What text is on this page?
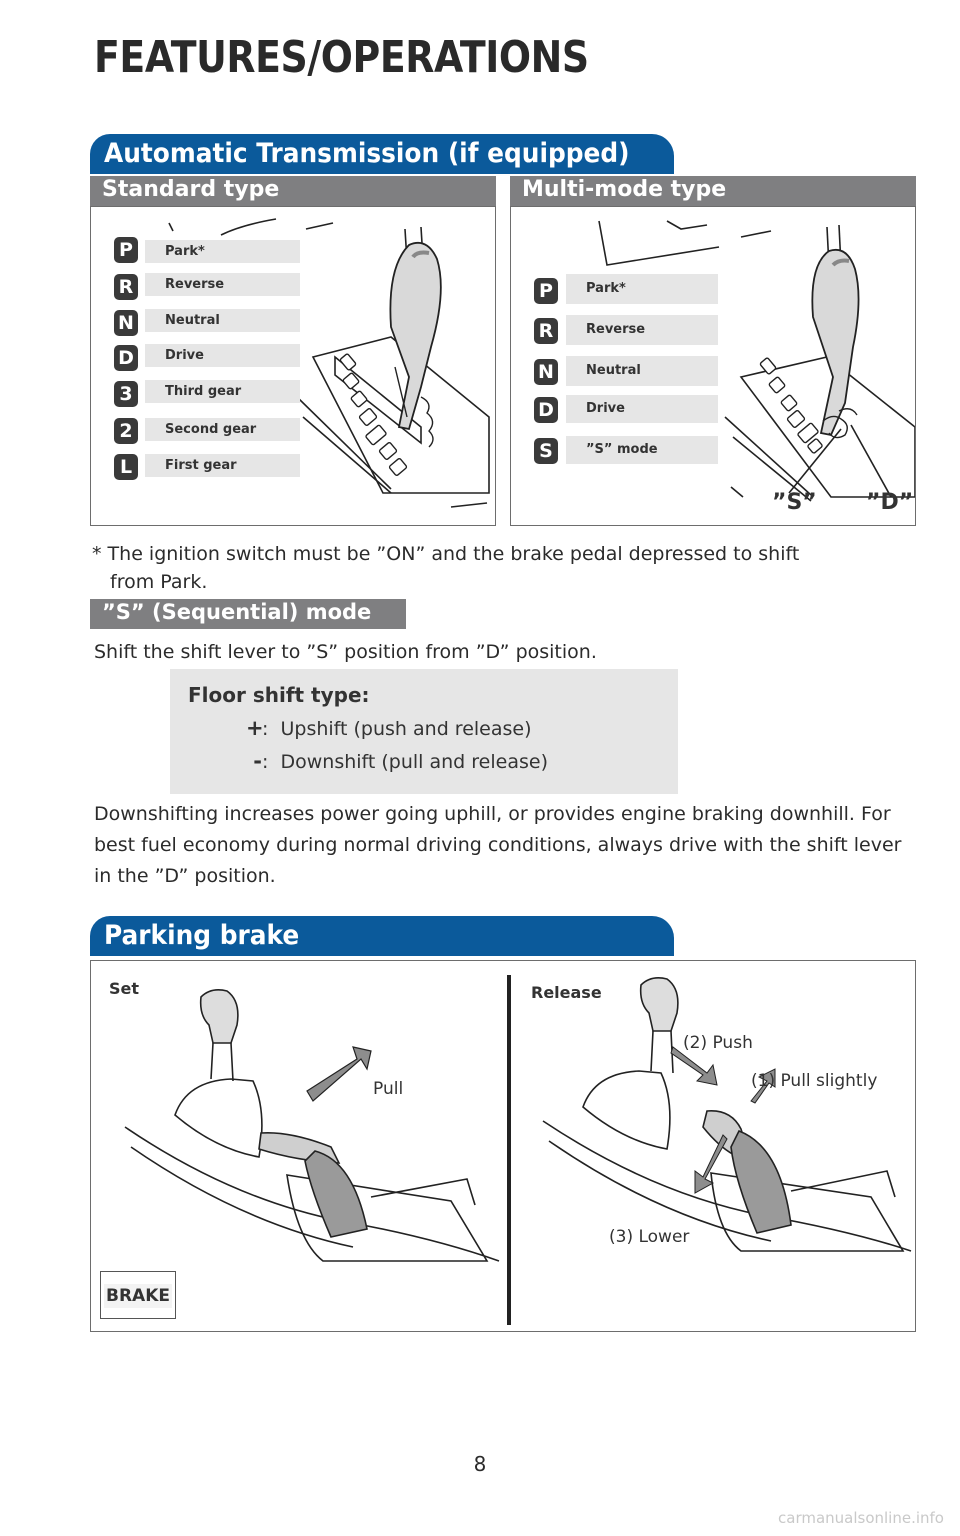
FEATURES/OPERATIONS
Automatic Transmission (if equipped)
Standard type	Multi-mode type
P	Park*
R	Reverse
N	Neutral
D	Drive
3	Third gear
2	Second gear
L	First gear
P	Park*
R	Reverse
N	Neutral
D	Drive
S	”S” mode
”S” ”D”
* The ignition switch must be ”ON” and the brake pedal depressed to shift
from Park.
”S” (Sequential) mode
Shift the shift lever to ”S” position from ”D” position.
Floor shift type:
+:  Upshift (push and release)
-:  Downshift (pull and release)
Downshifting increases power going uphill, or provides engine braking downhill. For best fuel economy during normal driving conditions, always drive with the shift lever in the ”D” position.
Parking brake
Set	Release
Pull
(2) Push
(1) Pull slightly
(3) Lower
BRAKE
8
carmanualsonline.info
